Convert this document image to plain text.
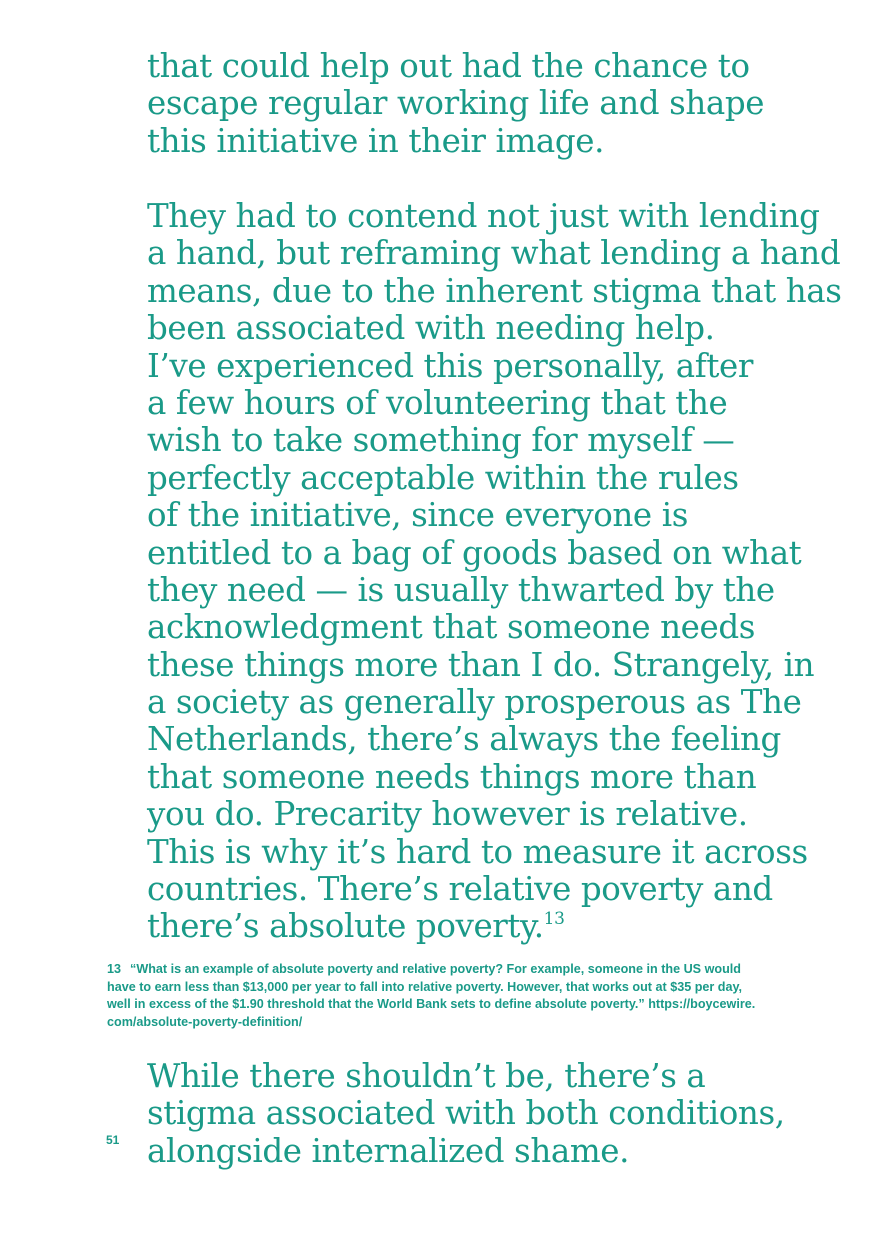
that could help out had the chance to
escape regular working life and shape
this initiative in their image.
They had to contend not just with lending
a hand, but reframing what lending a hand
means, due to the inherent stigma that has
been associated with needing help.
I’ve experienced this personally, after
a few hours of volunteering that the
wish to take something for myself —
perfectly acceptable within the rules
of the initiative, since everyone is
entitled to a bag of goods based on what
they need — is usually thwarted by the
acknowledgment that someone needs
these things more than I do. Strangely, in
a society as generally prosperous as The
Netherlands, there’s always the feeling
that someone needs things more than
you do. Precarity however is relative.
This is why it’s hard to measure it across
countries. There’s relative poverty and
there’s absolute poverty.$^{13}$
13 “What is an example of absolute poverty and relative poverty? For example, someone in the US would
have to earn less than $13,000 per year to fall into relative poverty. However, that works out at $35 per day,
well in excess of the $1.90 threshold that the World Bank sets to define absolute poverty.” https://boycewire.
com/absolute-poverty-definition/
While there shouldn’t be, there’s a
stigma associated with both conditions,
alongside internalized shame.
51
